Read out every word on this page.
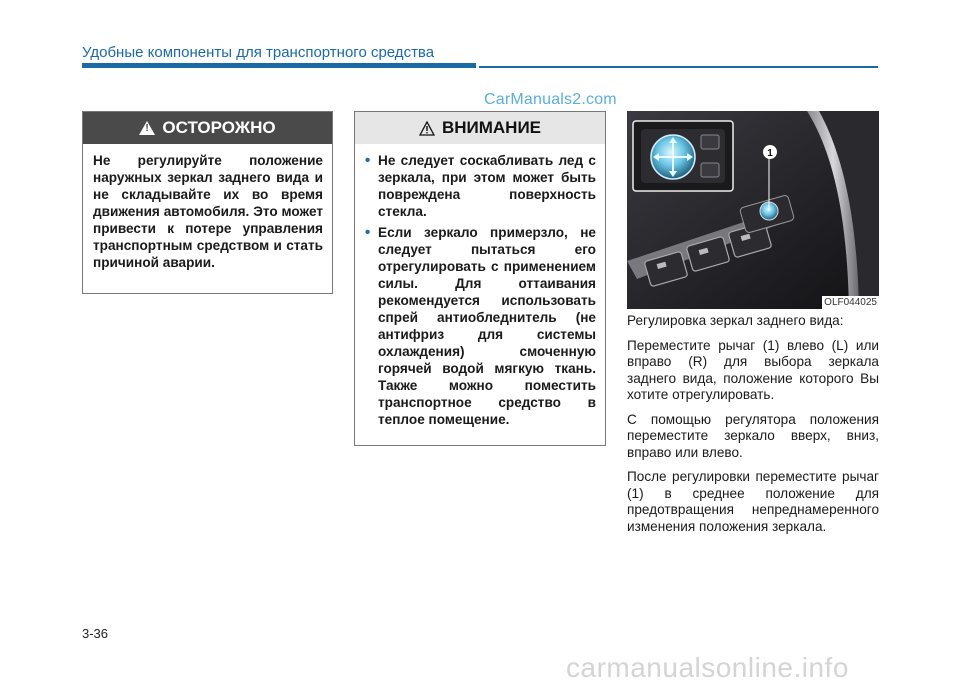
Удобные компоненты для транспортного средства
CarManuals2.com
!
ОСТОРОЖНО
Не регулируйте положение наружных зеркал заднего вида и не складывайте их во время движения автомобиля. Это может привести к потере управления транспортным средством и стать причиной аварии.
ВНИМАНИЕ
• Не следует соскабливать лед с зеркала, при этом может быть повреждена поверхность стекла.
• Если зеркало примерзло, не следует пытаться его отрегулировать с применением силы. Для оттаивания рекомендуется использовать спрей антиобледнитель (не антифриз для системы охлаждения) смоченную горячей водой мягкую ткань. Также можно поместить транспортное средство в теплое помещение.
1
OLF044025

Регулировка зеркал заднего вида:

Переместите рычаг (1) влево (L) или вправо (R) для выбора зеркала заднего вида, положение которого Вы хотите отрегулировать.

С помощью регулятора положения переместите зеркало вверх, вниз, вправо или влево.

После регулировки переместите рычаг (1) в среднее положение для предотвращения непреднамеренного изменения положения зеркала.

3-36
carmanualsonline.info
